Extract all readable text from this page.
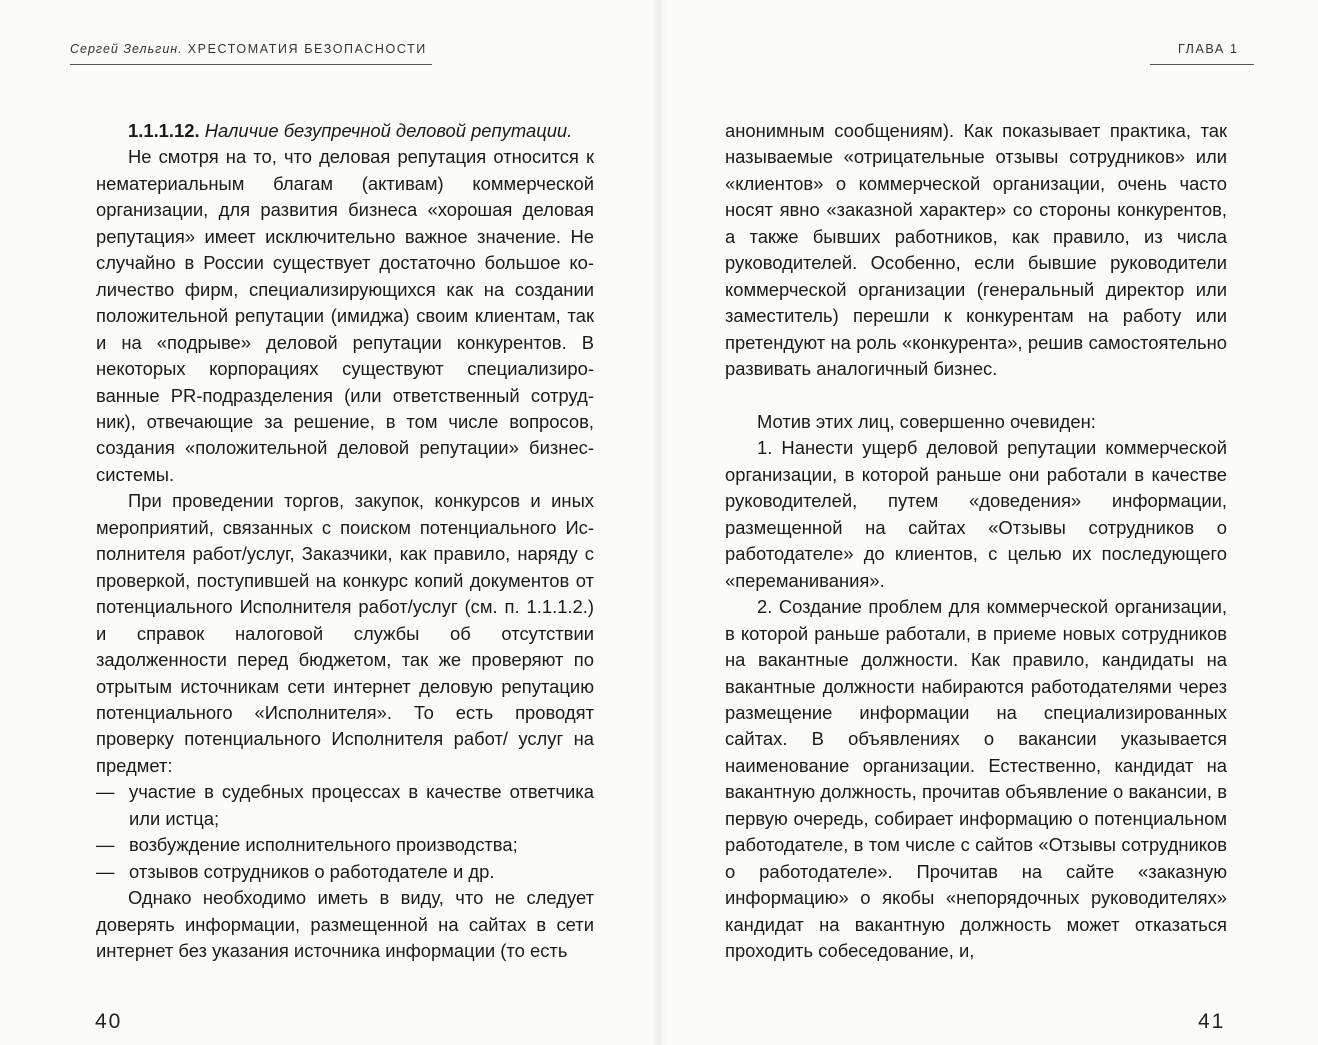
Сергей Зельгин. ХРЕСТОМАТИЯ БЕЗОПАСНОСТИ

1.1.1.12. Наличие безупречной деловой репутации.

Не смотря на то, что деловая репутация относится к нематериальным благам (активам) коммерческой организации, для развития бизнеса «хорошая деловая репутация» имеет исключительно важное значение. Не случайно в России существует достаточно большое количество фирм, специализирующихся как на создании положительной репутации (имиджа) своим клиентам, так и на «подрыве» деловой репутации конкурентов. В некоторых корпорациях существуют специализированные PR-подразделения (или ответственный сотрудник), отвечающие за решение, в том числе вопросов, создания «положительной деловой репутации» бизнес-системы.

При проведении торгов, закупок, конкурсов и иных мероприятий, связанных с поиском потенциального Исполнителя работ/услуг, Заказчики, как правило, наряду с проверкой, поступившей на конкурс копий документов от потенциального Исполнителя работ/услуг (см. п. 1.1.1.2.) и справок налоговой службы об отсутствии задолженности перед бюджетом, так же проверяют по отрытым источникам сети интернет деловую репутацию потенциального «Исполнителя». То есть проводят проверку потенциального Исполнителя работ/ услуг на предмет:

— участие в судебных процессах в качестве ответчика или истца;

— возбуждение исполнительного производства;

— отзывов сотрудников о работодателе и др.

Однако необходимо иметь в виду, что не следует доверять информации, размещенной на сайтах в сети интернет без указания источника информации (то есть

40
ГЛАВА 1

анонимным сообщениям). Как показывает практика, так называемые «отрицательные отзывы сотрудников» или «клиентов» о коммерческой организации, очень часто носят явно «заказной характер» со стороны конкурентов, а также бывших работников, как правило, из числа руководителей. Особенно, если бывшие руководители коммерческой организации (генеральный директор или заместитель) перешли к конкурентам на работу или претендуют на роль «конкурента», решив самостоятельно развивать аналогичный бизнес.

Мотив этих лиц, совершенно очевиден:

1. Нанести ущерб деловой репутации коммерческой организации, в которой раньше они работали в качестве руководителей, путем «доведения» информации, размещенной на сайтах «Отзывы сотрудников о работодателе» до клиентов, с целью их последующего «переманивания».

2. Создание проблем для коммерческой организации, в которой раньше работали, в приеме новых сотрудников на вакантные должности. Как правило, кандидаты на вакантные должности набираются работодателями через размещение информации на специализированных сайтах. В объявлениях о вакансии указывается наименование организации. Естественно, кандидат на вакантную должность, прочитав объявление о вакансии, в первую очередь, собирает информацию о потенциальном работодателе, в том числе с сайтов «Отзывы сотрудников о работодателе». Прочитав на сайте «заказную информацию» о якобы «непорядочных руководителях» кандидат на вакантную должность может отказаться проходить собеседование, и,

41
